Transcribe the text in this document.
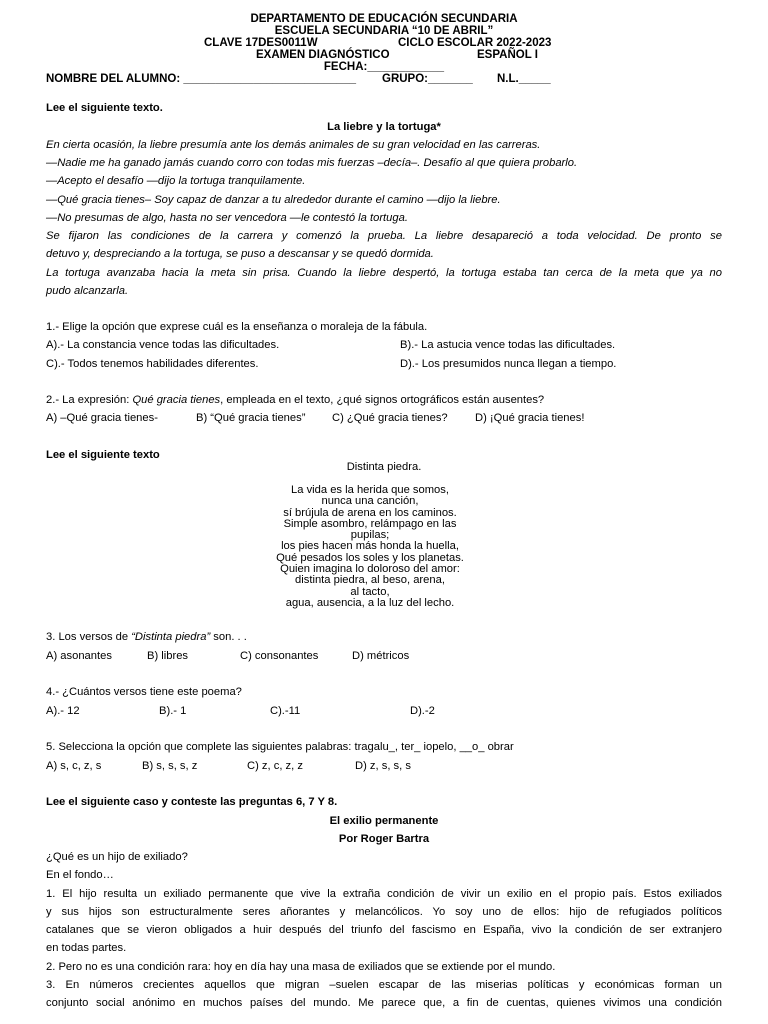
DEPARTAMENTO DE EDUCACIÓN SECUNDARIA
ESCUELA SECUNDARIA “10 DE ABRIL”
CLAVE 17DES0011W	CICLO ESCOLAR 2022-2023
EXAMEN DIAGNÓSTICO	ESPAÑOL I
FECHA:____________
NOMBRE DEL ALUMNO: ___________________________ GRUPO:_______ N.L._____
Lee el siguiente texto.
La liebre y la tortuga*
En cierta ocasión, la liebre presumía ante los demás animales de su gran velocidad en las carreras.
—Nadie me ha ganado jamás cuando corro con todas mis fuerzas –decía–. Desafío al que quiera probarlo.
—Acepto el desafío —dijo la tortuga tranquilamente.
—Qué gracia tienes– Soy capaz de danzar a tu alrededor durante el camino —dijo la liebre.
—No presumas de algo, hasta no ser vencedora —le contestó la tortuga.
Se fijaron las condiciones de la carrera y comenzó la prueba. La liebre desapareció a toda velocidad. De pronto se
detuvo y, despreciando a la tortuga, se puso a descansar y se quedó dormida.
La tortuga avanzaba hacia la meta sin prisa. Cuando la liebre despertó, la tortuga estaba tan cerca de la meta que ya no
pudo alcanzarla.
1.- Elige la opción que exprese cuál es la enseñanza o moraleja de la fábula.
A).- La constancia vence todas las dificultades.	B).- La astucia vence todas las dificultades.
C).- Todos tenemos habilidades diferentes.	D).- Los presumidos nunca llegan a tiempo.
2.- La expresión: Qué gracia tienes, empleada en el texto, ¿qué signos ortográficos están ausentes?
A) –Qué gracia tienes-	B) “Qué gracia tienes” C) ¿Qué gracia tienes? D) ¡Qué gracia tienes!
Lee el siguiente texto
Distinta piedra.
La vida es la herida que somos,
nunca una canción,
sí brújula de arena en los caminos.
Simple asombro, relámpago en las
pupilas;
los pies hacen más honda la huella,
Qué pesados los soles y los planetas.
Quien imagina lo doloroso del amor:
distinta piedra, al beso, arena,
al tacto,
agua, ausencia, a la luz del lecho.
3. Los versos de “Distinta piedra” son. . .
A) asonantes	B) libres	C) consonantes	D) métricos
4.- ¿Cuántos versos tiene este poema?
A).- 12	B).- 1	C).-11	D).-2
5. Selecciona la opción que complete las siguientes palabras: tragalu_, ter_ iopelo, __o_ obrar
A) s, c, z, s	B) s, s, s, z	C) z, c, z, z	D) z, s, s, s
Lee el siguiente caso y conteste las preguntas 6, 7 Y 8.
El exilio permanente
Por Roger Bartra
¿Qué es un hijo de exiliado?
En el fondo…
1. El hijo resulta un exiliado permanente que vive la extraña condición de vivir un exilio en el propio país. Estos exiliados
y sus hijos son estructuralmente seres añorantes y melancólicos. Yo soy uno de ellos: hijo de refugiados políticos
catalanes que se vieron obligados a huir después del triunfo del fascismo en España, vivo la condición de ser extranjero
en todas partes.
2. Pero no es una condición rara: hoy en día hay una masa de exiliados que se extiende por el mundo.
3. En números crecientes aquellos que migran –suelen escapar de las miserias políticas y económicas forman un
conjunto social anónimo en muchos países del mundo. Me parece que, a fin de cuentas, quienes vivimos una condición
